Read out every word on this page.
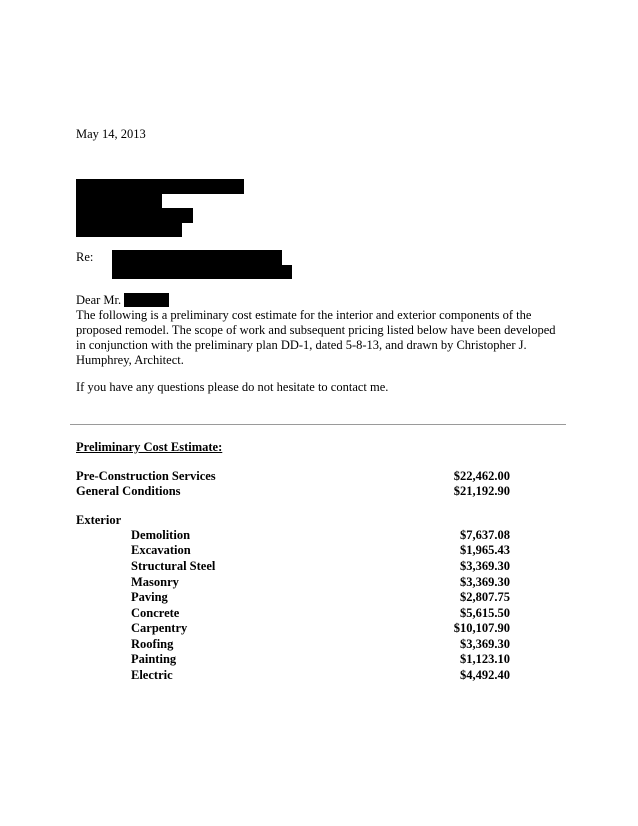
May 14, 2013
Re:
Dear Mr.
The following is a preliminary cost estimate for the interior and exterior components of the
proposed remodel. The scope of work and subsequent pricing listed below have been developed
in conjunction with the preliminary plan DD-1, dated 5-8-13, and drawn by Christopher J.
Humphrey, Architect.
If you have any questions please do not hesitate to contact me.
Preliminary Cost Estimate:
Pre-Construction Services	$22,462.00
General Conditions	$21,192.90
Exterior
Demolition	$7,637.08
Excavation	$1,965.43
Structural Steel	$3,369.30
Masonry	$3,369.30
Paving	$2,807.75
Concrete	$5,615.50
Carpentry	$10,107.90
Roofing	$3,369.30
Painting	$1,123.10
Electric	$4,492.40
